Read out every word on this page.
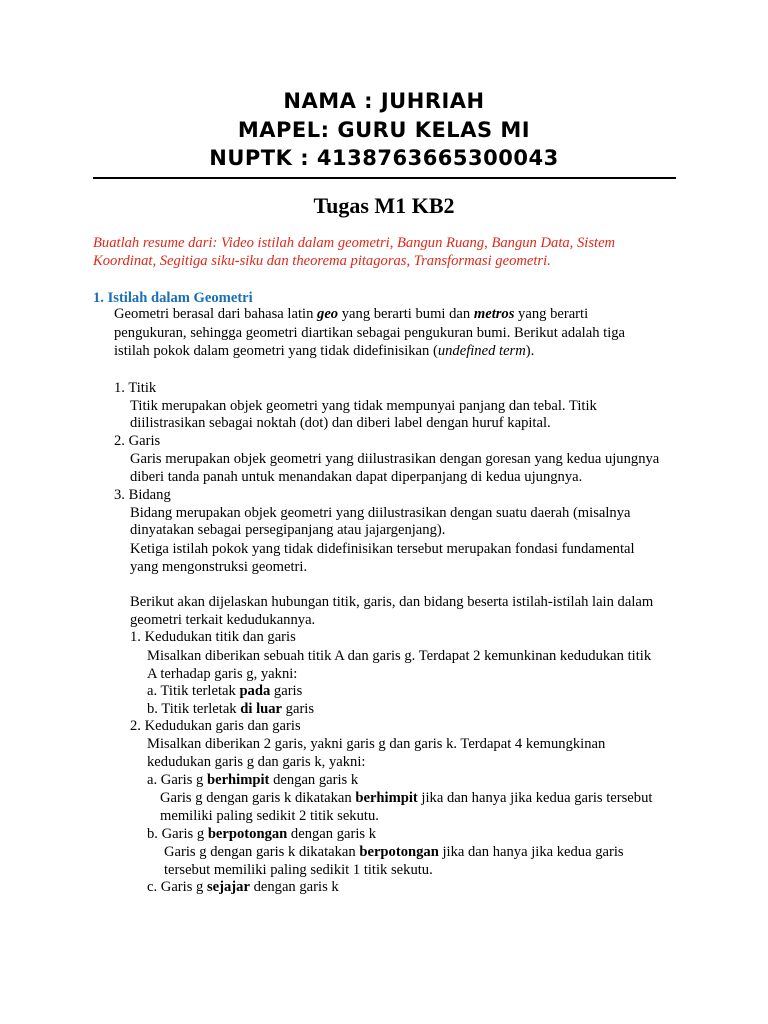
NAMA : JUHRIAH
MAPEL: GURU KELAS MI
NUPTK : 4138763665300043
Tugas M1 KB2
Buatlah resume dari: Video istilah dalam geometri, Bangun Ruang, Bangun Data, Sistem Koordinat, Segitiga siku-siku dan theorema pitagoras, Transformasi geometri.
1. Istilah dalam Geometri
Geometri berasal dari bahasa latin geo yang berarti bumi dan metros yang berarti
pengukuran, sehingga geometri diartikan sebagai pengukuran bumi. Berikut adalah tiga
istilah pokok dalam geometri yang tidak didefinisikan (undefined term).
1. Titik
Titik merupakan objek geometri yang tidak mempunyai panjang dan tebal. Titik
diilistrasikan sebagai noktah (dot) dan diberi label dengan huruf kapital.
2. Garis
Garis merupakan objek geometri yang diilustrasikan dengan goresan yang kedua ujungnya
diberi tanda panah untuk menandakan dapat diperpanjang di kedua ujungnya.
3. Bidang
Bidang merupakan objek geometri yang diilustrasikan dengan suatu daerah (misalnya
dinyatakan sebagai persegipanjang atau jajargenjang).
Ketiga istilah pokok yang tidak didefinisikan tersebut merupakan fondasi fundamental
yang mengonstruksi geometri.
Berikut akan dijelaskan hubungan titik, garis, dan bidang beserta istilah-istilah lain dalam
geometri terkait kedudukannya.
1. Kedudukan titik dan garis
Misalkan diberikan sebuah titik A dan garis g. Terdapat 2 kemunkinan kedudukan titik
A terhadap garis g, yakni:
a. Titik terletak pada garis
b. Titik terletak di luar garis
2. Kedudukan garis dan garis
Misalkan diberikan 2 garis, yakni garis g dan garis k. Terdapat 4 kemungkinan
kedudukan garis g dan garis k, yakni:
a. Garis g berhimpit dengan garis k
Garis g dengan garis k dikatakan berhimpit jika dan hanya jika kedua garis tersebut
memiliki paling sedikit 2 titik sekutu.
b. Garis g berpotongan dengan garis k
Garis g dengan garis k dikatakan berpotongan jika dan hanya jika kedua garis
tersebut memiliki paling sedikit 1 titik sekutu.
c. Garis g sejajar dengan garis k
